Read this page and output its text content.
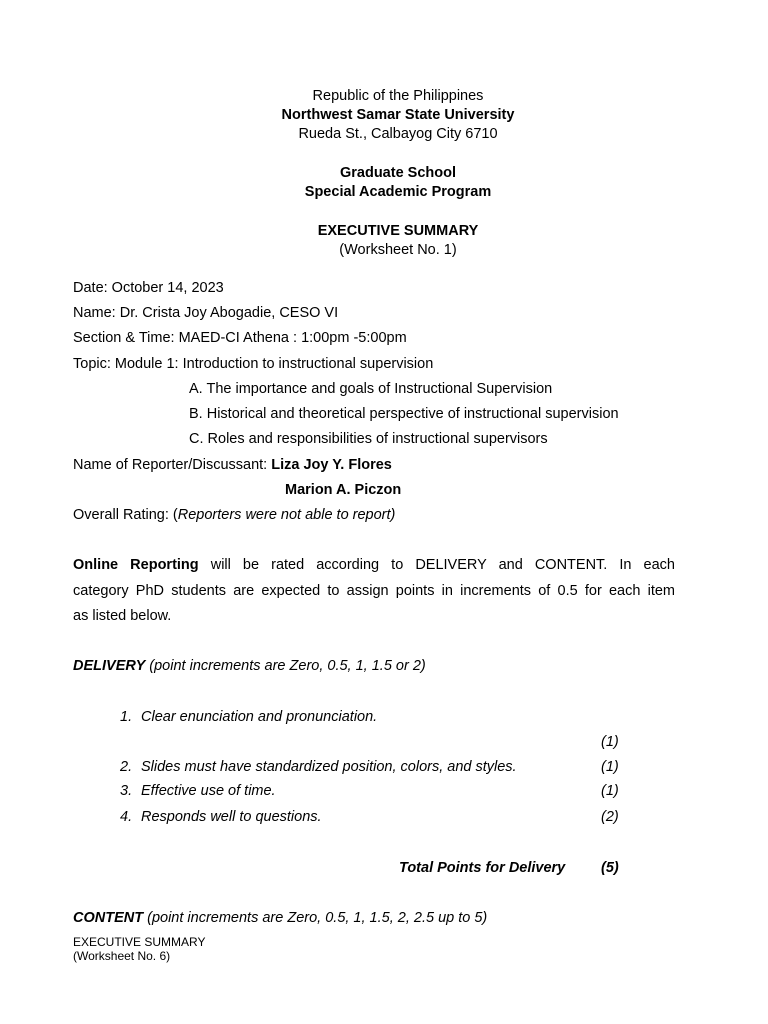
Republic of the Philippines
Northwest Samar State University
Rueda St., Calbayog City 6710
Graduate School
Special Academic Program
EXECUTIVE SUMMARY
(Worksheet No. 1)
Date: October 14, 2023
Name: Dr. Crista Joy Abogadie, CESO VI
Section & Time: MAED-CI Athena : 1:00pm -5:00pm
Topic: Module 1: Introduction to instructional supervision
A. The importance and goals of Instructional Supervision
B. Historical and theoretical perspective of instructional supervision
C. Roles and responsibilities of instructional supervisors
Name of Reporter/Discussant: Liza Joy Y. Flores
Marion A. Piczon
Overall Rating: (Reporters were not able to report)
Online Reporting will be rated according to DELIVERY and CONTENT. In each
category PhD students are expected to assign points in increments of 0.5 for each item
as listed below.
DELIVERY (point increments are Zero, 0.5, 1, 1.5 or 2)
1. Clear enunciation and pronunciation.
(1)
2. Slides must have standardized position, colors, and styles.	(1)
3. Effective use of time.	(1)
4. Responds well to questions.	(2)
Total Points for Delivery (5)
CONTENT (point increments are Zero, 0.5, 1, 1.5, 2, 2.5 up to 5)
EXECUTIVE SUMMARY
(Worksheet No. 6)
